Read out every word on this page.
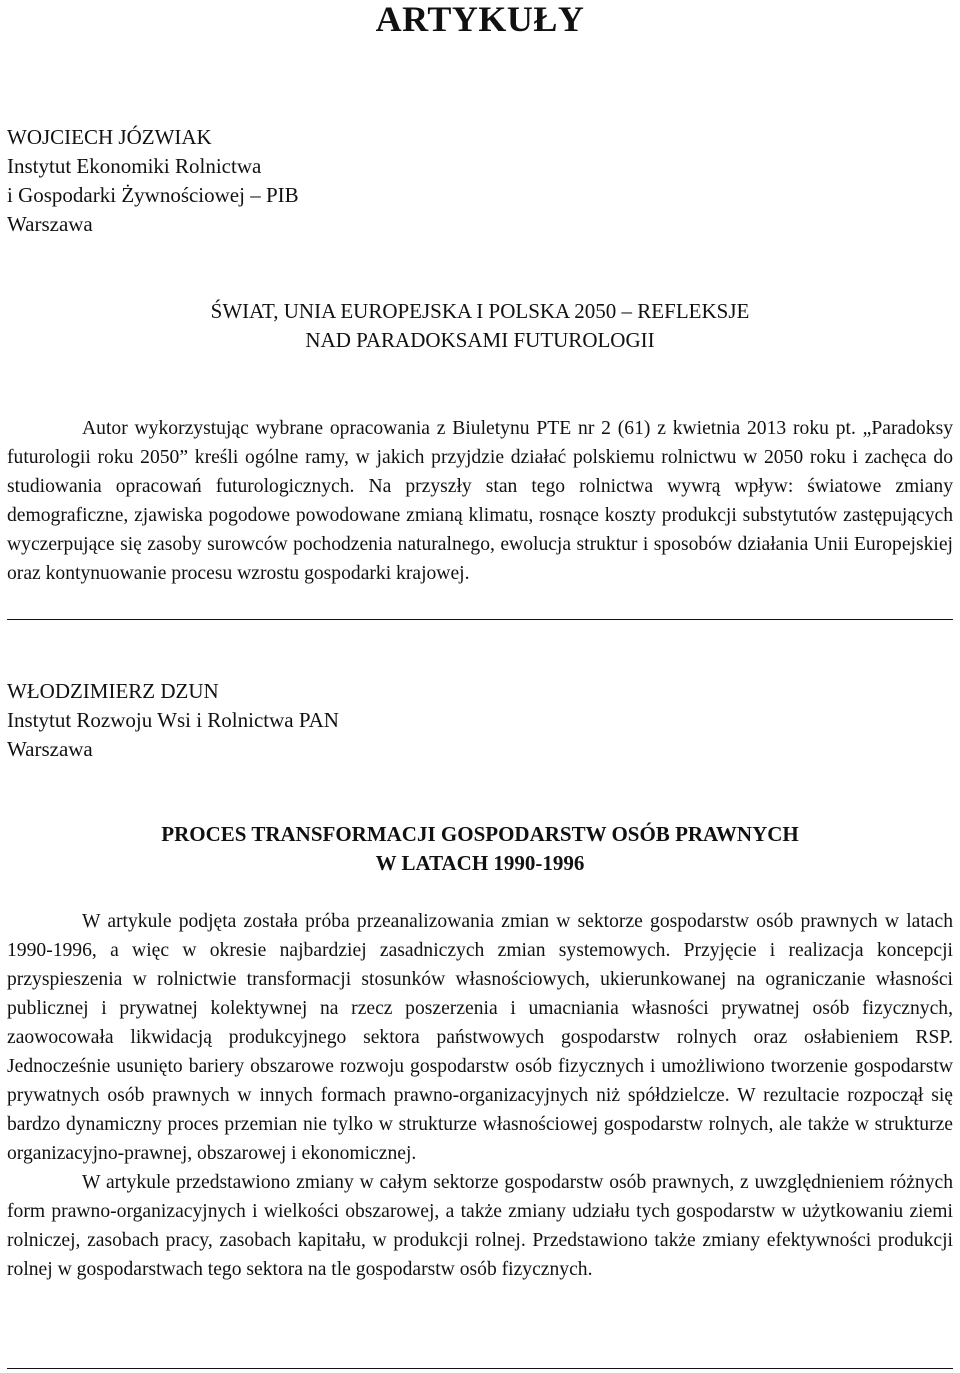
ARTYKUŁY
WOJCIECH JÓZWIAK
Instytut Ekonomiki Rolnictwa
i Gospodarki Żywnościowej – PIB
Warszawa
ŚWIAT, UNIA EUROPEJSKA I POLSKA 2050 – REFLEKSJE
NAD PARADOKSAMI FUTUROLOGII

Autor wykorzystując wybrane opracowania z Biuletynu PTE nr 2 (61) z kwietnia 2013 roku pt. „Paradoksy futurologii roku 2050” kreśli ogólne ramy, w jakich przyjdzie działać polskiemu rolnictwu w 2050 roku i zachęca do studiowania opracowań futurologicznych. Na przyszły stan tego rolnictwa wywrą wpływ: światowe zmiany demograficzne, zjawiska pogodowe powodowane zmianą klimatu, rosnące koszty produkcji substytutów zastępujących wyczerpujące się zasoby surowców pochodzenia naturalnego, ewolucja struktur i sposobów działania Unii Europejskiej oraz kontynuowanie procesu wzrostu gospodarki krajowej.

WŁODZIMIERZ DZUN
Instytut Rozwoju Wsi i Rolnictwa PAN
Warszawa
PROCES TRANSFORMACJI GOSPODARSTW OSÓB PRAWNYCH
W LATACH 1990-1996

W artykule podjęta została próba przeanalizowania zmian w sektorze gospodarstw osób prawnych w latach 1990-1996, a więc w okresie najbardziej zasadniczych zmian systemowych. Przyjęcie i realizacja koncepcji przyspieszenia w rolnictwie transformacji stosunków własnościowych, ukierunkowanej na ograniczanie własności publicznej i prywatnej kolektywnej na rzecz poszerzenia i umacniania własności prywatnej osób fizycznych, zaowocowała likwidacją produkcyjnego sektora państwowych gospodarstw rolnych oraz osłabieniem RSP. Jednocześnie usunięto bariery obszarowe rozwoju gospodarstw osób fizycznych i umożliwiono tworzenie gospodarstw prywatnych osób prawnych w innych formach prawno-organizacyjnych niż spółdzielcze. W rezultacie rozpoczął się bardzo dynamiczny proces przemian nie tylko w strukturze własnościowej gospodarstw rolnych, ale także w strukturze organizacyjno-prawnej, obszarowej i ekonomicznej.

W artykule przedstawiono zmiany w całym sektorze gospodarstw osób prawnych, z uwzględnieniem różnych form prawno-organizacyjnych i wielkości obszarowej, a także zmiany udziału tych gospodarstw w użytkowaniu ziemi rolniczej, zasobach pracy, zasobach kapitału, w produkcji rolnej. Przedstawiono także zmiany efektywności produkcji rolnej w gospodarstwach tego sektora na tle gospodarstw osób fizycznych.
